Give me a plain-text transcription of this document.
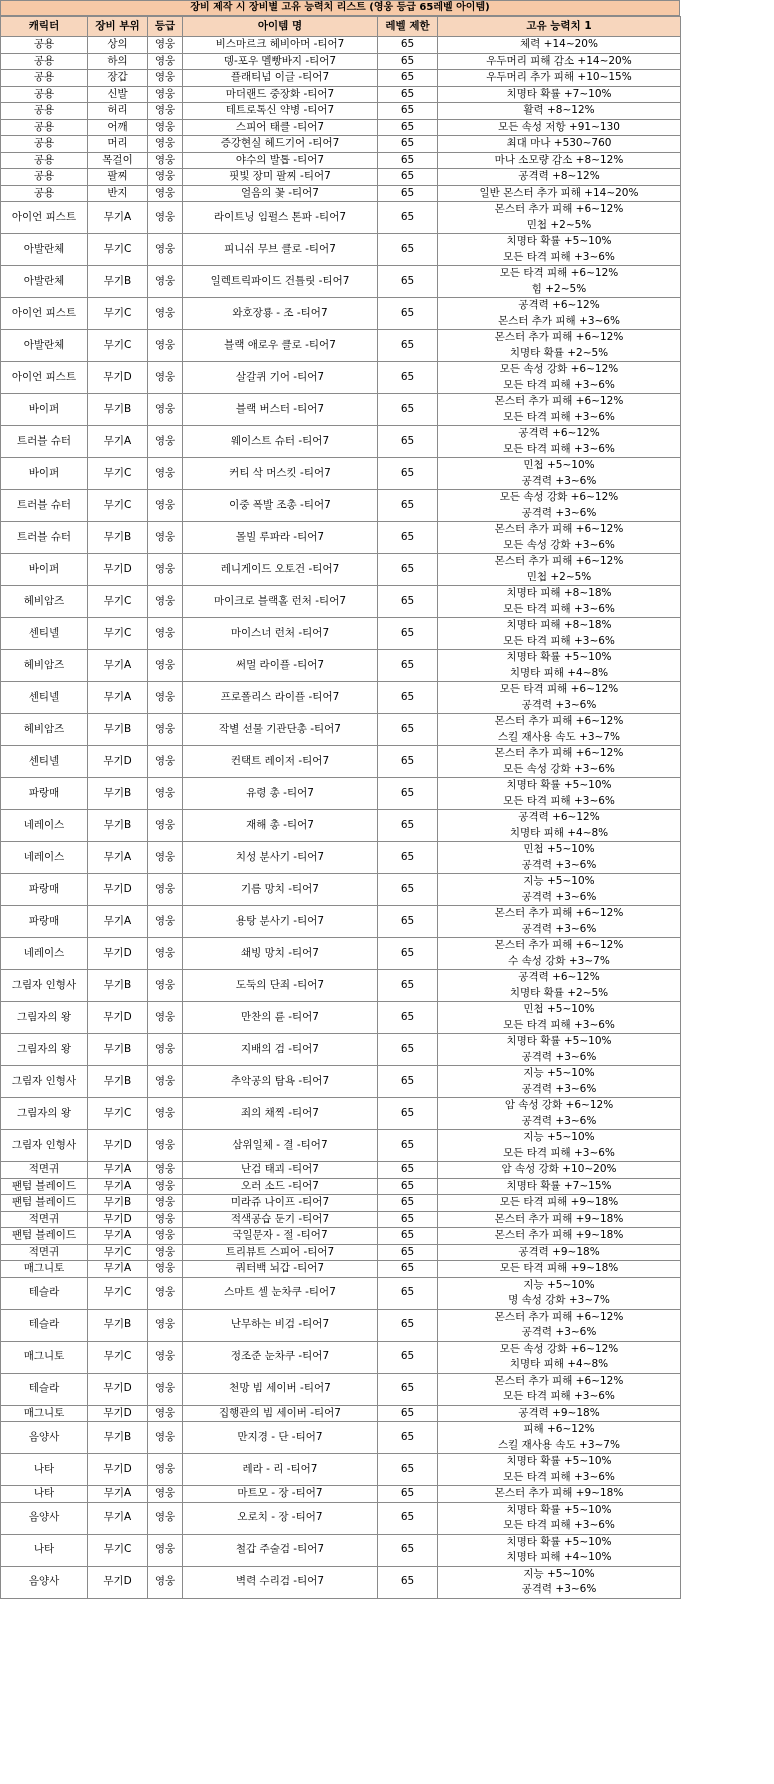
장비 제작 시 장비별 고유 능력치 리스트 (영웅 등급 65레벨 아이템)
캐릭터	장비 부위	등급	아이템 명	레벨 제한	고유 능력치 1
공용	상의	영웅	비스마르크 헤비아머 -티어7	65	체력 +14~20%

공용	하의	영웅	뎅-포우 멜빵바지 -티어7	65	우두머리 피해 감소 +14~20%

공용	장갑	영웅	플래티넘 이글 -티어7	65	우두머리 추가 피해 +10~15%

공용	신발	영웅	마더랜드 중장화 -티어7	65	치명타 확률 +7~10%

공용	허리	영웅	테트로톡신 약병 -티어7	65	활력 +8~12%

공용	어깨	영웅	스피어 태클 -티어7	65	모든 속성 저항 +91~130

공용	머리	영웅	증강현실 헤드기어 -티어7	65	최대 마나 +530~760

공용	목걸이	영웅	야수의 발톱 -티어7	65	마나 소모량 감소 +8~12%

공용	팔찌	영웅	핏빛 장미 팔찌 -티어7	65	공격력 +8~12%

공용	반지	영웅	얼음의 꽃 -티어7	65	일반 몬스터 추가 피해 +14~20%

아이언 피스트	무기A	영웅	라이트닝 임펄스 톤파 -티어7	65	몬스터 추가 피해 +6~12%
민첩 +2~5%

아발란체	무기C	영웅	피니쉬 무브 클로 -티어7	65	치명타 확률 +5~10%
모든 타격 피해 +3~6%

아발란체	무기B	영웅	일렉트릭파이드 건틀릿 -티어7	65	모든 타격 피해 +6~12%
힘 +2~5%

아이언 피스트	무기C	영웅	와호장룡 - 조 -티어7	65	공격력 +6~12%
몬스터 추가 피해 +3~6%

아발란체	무기C	영웅	블랙 애로우 클로 -티어7	65	몬스터 추가 피해 +6~12%
치명타 확률 +2~5%

아이언 피스트	무기D	영웅	살갈퀴 기어 -티어7	65	모든 속성 강화 +6~12%
모든 타격 피해 +3~6%

바이퍼	무기B	영웅	블랙 버스터 -티어7	65	몬스터 추가 피해 +6~12%
모든 타격 피해 +3~6%

트러블 슈터	무기A	영웅	웨이스트 슈터 -티어7	65	공격력 +6~12%
모든 타격 피해 +3~6%

바이퍼	무기C	영웅	커티 삭 머스킷 -티어7	65	민첩 +5~10%
공격력 +3~6%

트러블 슈터	무기C	영웅	이중 폭발 조총 -티어7	65	모든 속성 강화 +6~12%
공격력 +3~6%

트러블 슈터	무기B	영웅	몰빌 루파라 -티어7	65	몬스터 추가 피해 +6~12%
모든 속성 강화 +3~6%

바이퍼	무기D	영웅	레니게이드 오토건 -티어7	65	몬스터 추가 피해 +6~12%
민첩 +2~5%

헤비암즈	무기C	영웅	마이크로 블랙홀 런처 -티어7	65	치명타 피해 +8~18%
모든 타격 피해 +3~6%

센티넬	무기C	영웅	마이스너 런처 -티어7	65	치명타 피해 +8~18%
모든 타격 피해 +3~6%

헤비암즈	무기A	영웅	써멀 라이플 -티어7	65	치명타 확률 +5~10%
치명타 피해 +4~8%

센티넬	무기A	영웅	프로폴리스 라이플 -티어7	65	모든 타격 피해 +6~12%
공격력 +3~6%

헤비암즈	무기B	영웅	작별 선물 기관단총 -티어7	65	몬스터 추가 피해 +6~12%
스킬 재사용 속도 +3~7%

센티넬	무기D	영웅	컨택트 레이저 -티어7	65	몬스터 추가 피해 +6~12%
모든 속성 강화 +3~6%

파랑매	무기B	영웅	유령 총 -티어7	65	치명타 확률 +5~10%
모든 타격 피해 +3~6%

네레이스	무기B	영웅	재해 총 -티어7	65	공격력 +6~12%
치명타 피해 +4~8%

네레이스	무기A	영웅	치성 분사기 -티어7	65	민첩 +5~10%
공격력 +3~6%

파랑매	무기D	영웅	기름 망치 -티어7	65	지능 +5~10%
공격력 +3~6%

파랑매	무기A	영웅	용탕 분사기 -티어7	65	몬스터 추가 피해 +6~12%
공격력 +3~6%

네레이스	무기D	영웅	쇄빙 망치 -티어7	65	몬스터 추가 피해 +6~12%
수 속성 강화 +3~7%

그림자 인형사	무기B	영웅	도둑의 단죄 -티어7	65	공격력 +6~12%
치명타 확률 +2~5%

그림자의 왕	무기D	영웅	만찬의 륜 -티어7	65	민첩 +5~10%
모든 타격 피해 +3~6%

그림자의 왕	무기B	영웅	지배의 검 -티어7	65	치명타 확률 +5~10%
공격력 +3~6%

그림자 인형사	무기B	영웅	추악공의 탐욕 -티어7	65	지능 +5~10%
공격력 +3~6%

그림자의 왕	무기C	영웅	죄의 채찍 -티어7	65	암 속성 강화 +6~12%
공격력 +3~6%

그림자 인형사	무기D	영웅	삼위일체 - 결 -티어7	65	지능 +5~10%
모든 타격 피해 +3~6%

적면귀	무기A	영웅	난검 태괴 -티어7	65	암 속성 강화 +10~20%

팬텀 블레이드	무기A	영웅	오러 소드 -티어7	65	치명타 확률 +7~15%

팬텀 블레이드	무기B	영웅	미라쥬 나이프 -티어7	65	모든 타격 피해 +9~18%

적면귀	무기D	영웅	적색공습 둔기 -티어7	65	몬스터 추가 피해 +9~18%

팬텀 블레이드	무기A	영웅	국일문자 - 절 -티어7	65	몬스터 추가 피해 +9~18%

적면귀	무기C	영웅	트리뷰트 스피어 -티어7	65	공격력 +9~18%

매그니토	무기A	영웅	쿼터백 뇌갑 -티어7	65	모든 타격 피해 +9~18%

테슬라	무기C	영웅	스마트 셀 눈차쿠 -티어7	65	지능 +5~10%
명 속성 강화 +3~7%

테슬라	무기B	영웅	난무하는 비검 -티어7	65	몬스터 추가 피해 +6~12%
공격력 +3~6%

매그니토	무기C	영웅	정조준 눈차쿠 -티어7	65	모든 속성 강화 +6~12%
치명타 피해 +4~8%

테슬라	무기D	영웅	천망 빔 세이버 -티어7	65	몬스터 추가 피해 +6~12%
모든 타격 피해 +3~6%

매그니토	무기D	영웅	집행관의 빔 세이버 -티어7	65	공격력 +9~18%

음양사	무기B	영웅	만지경 - 단 -티어7	65	피해 +6~12%
스킬 재사용 속도 +3~7%

나타	무기D	영웅	레라 - 리 -티어7	65	치명타 확률 +5~10%
모든 타격 피해 +3~6%

나타	무기A	영웅	마트모 - 장 -티어7	65	몬스터 추가 피해 +9~18%

음양사	무기A	영웅	오로치 - 장 -티어7	65	치명타 확률 +5~10%
모든 타격 피해 +3~6%

나타	무기C	영웅	철갑 주술검 -티어7	65	치명타 확률 +5~10%
치명타 피해 +4~10%

음양사	무기D	영웅	벽력 수리검 -티어7	65	지능 +5~10%
공격력 +3~6%
